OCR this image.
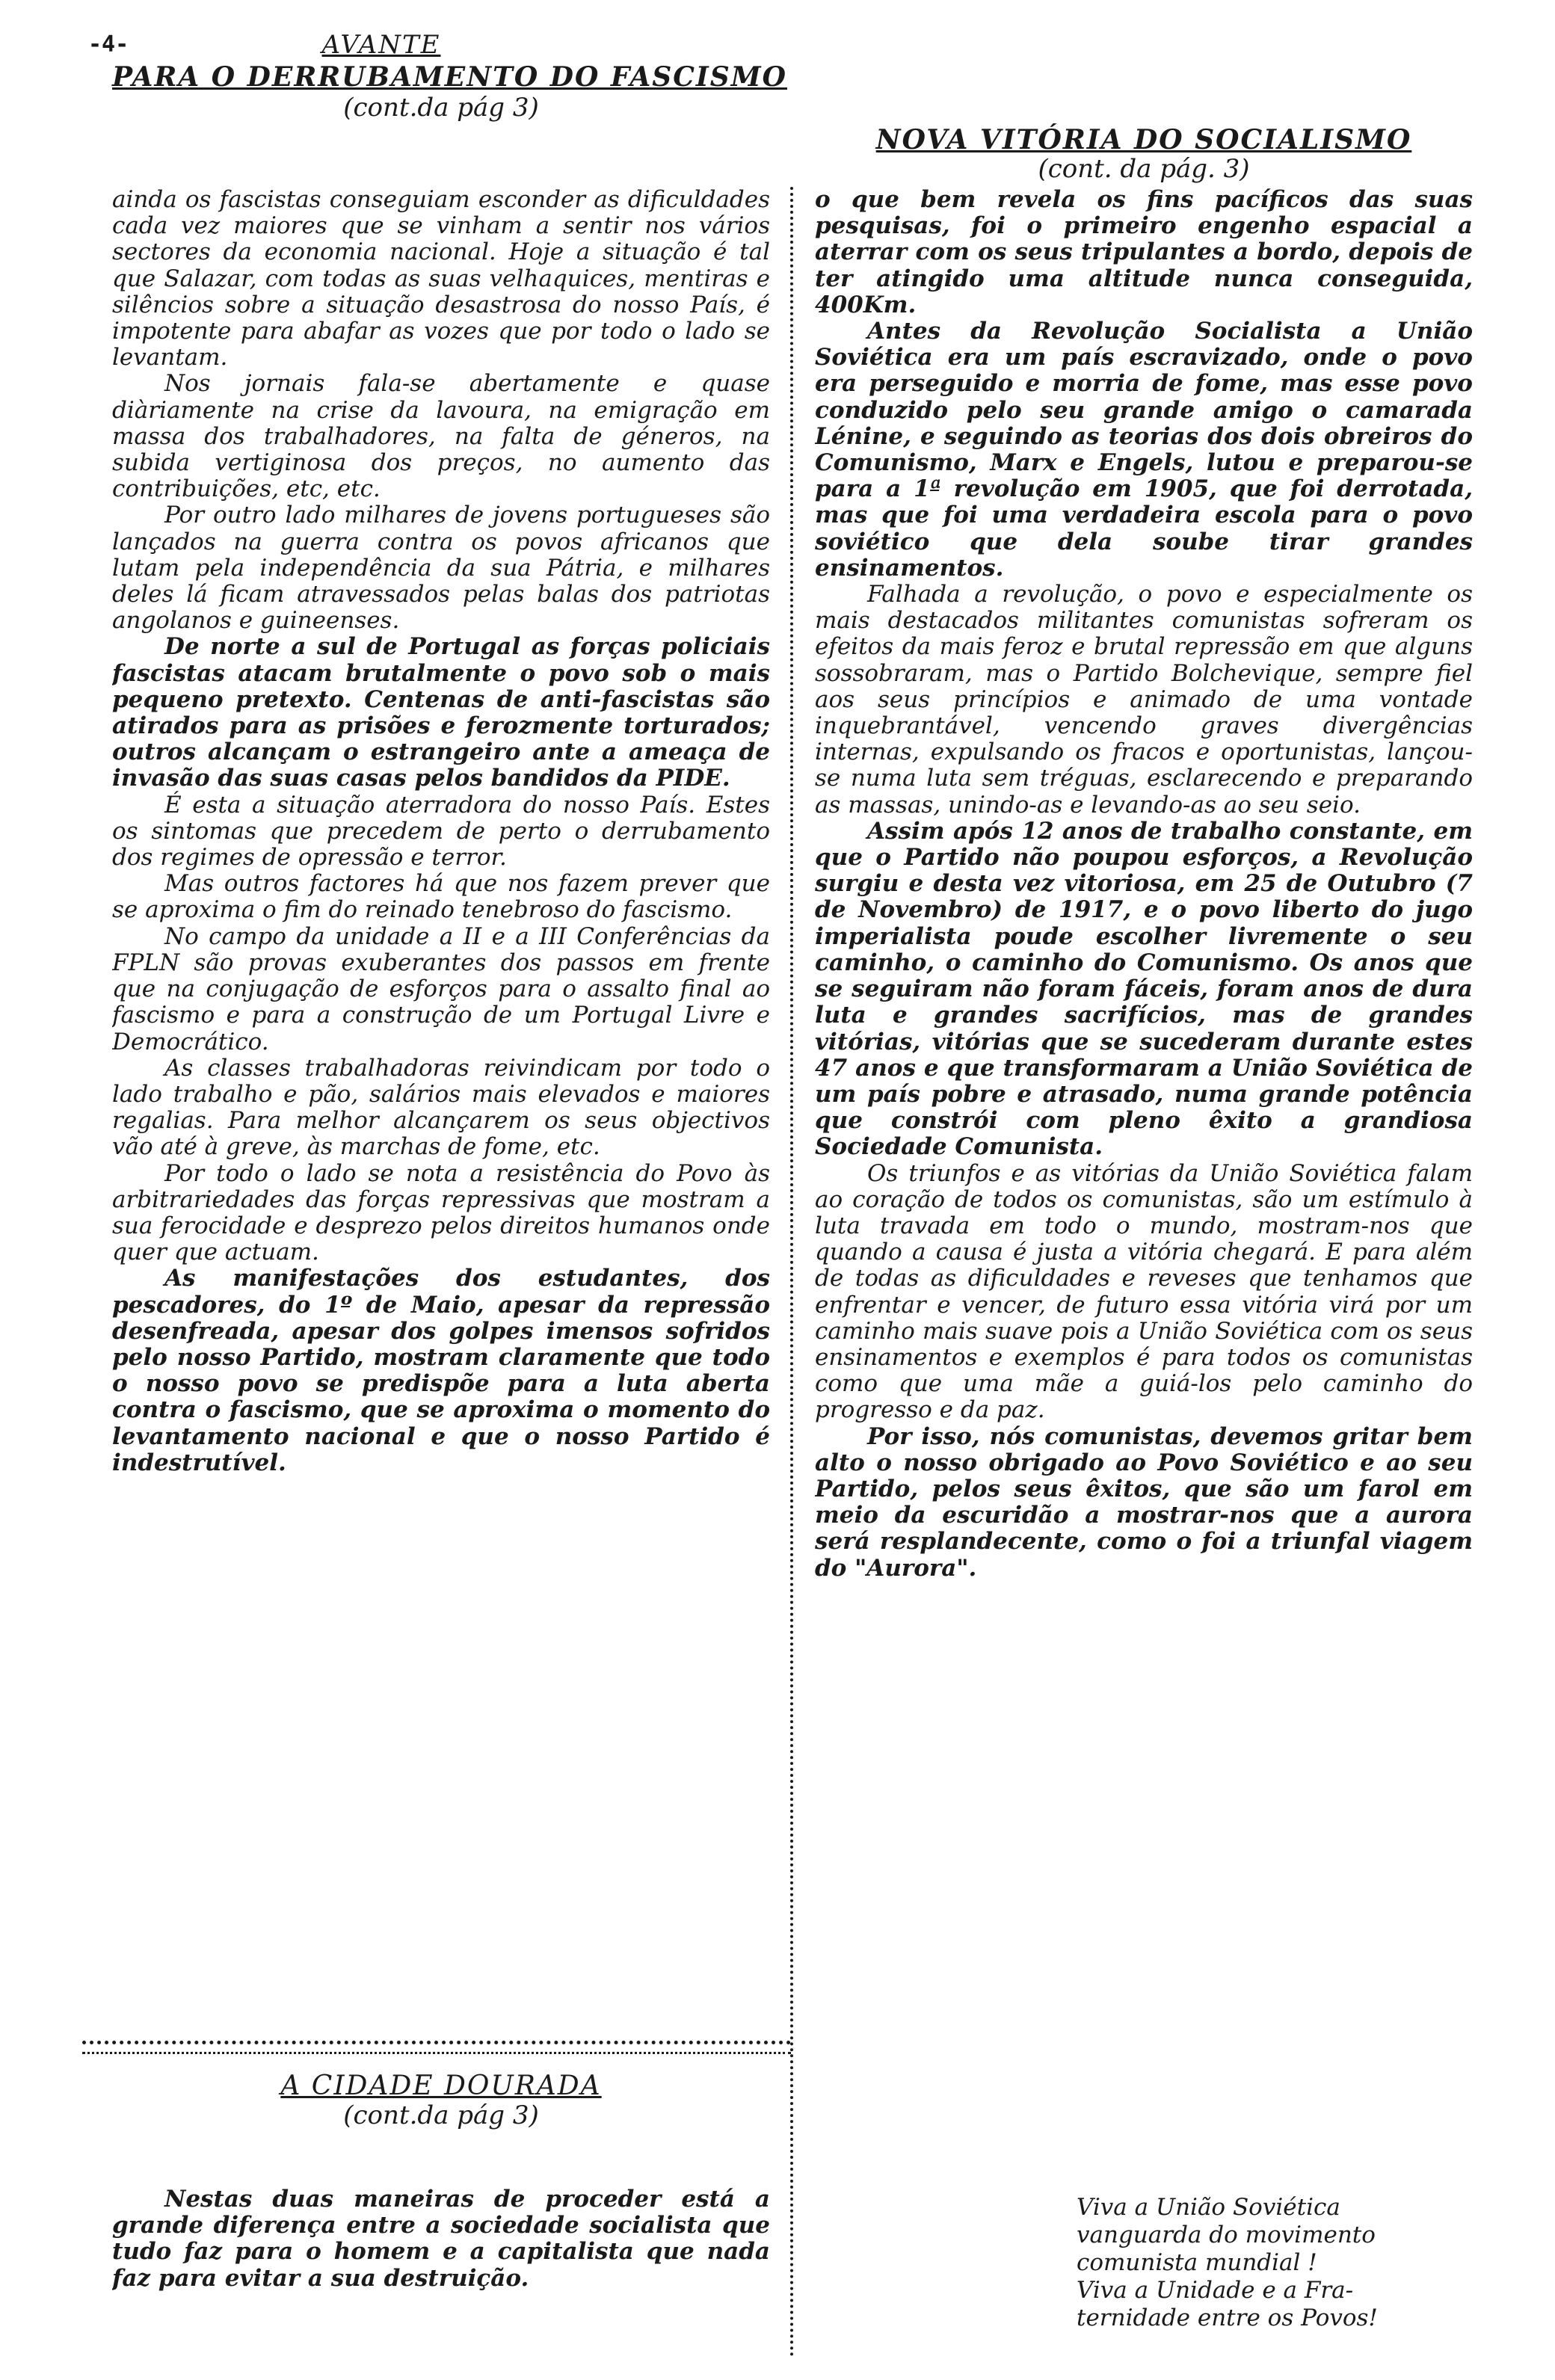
-4-	AVANTE
PARA O DERRUBAMENTO DO FASCISMO
(cont.da pág 3)

ainda os fascistas conseguiam esconder as dificuldades cada vez maiores que se vinham a sentir nos vários sectores da economia nacional. Hoje a situação é tal que Salazar, com todas as suas velhaquices, mentiras e silêncios sobre a situação desastrosa do nosso País, é impotente para abafar as vozes que por todo o lado se levantam.

Nos jornais fala-se abertamente e quase diàriamente na crise da lavoura, na emigração em massa dos trabalhadores, na falta de géneros, na subida vertiginosa dos preços, no aumento das contribuições, etc, etc.

Por outro lado milhares de jovens portugueses são lançados na guerra contra os povos africanos que lutam pela independência da sua Pátria, e milhares deles lá ficam atravessados pelas balas dos patriotas angolanos e guineenses.

De norte a sul de Portugal as forças policiais fascistas atacam brutalmente o povo sob o mais pequeno pretexto. Centenas de anti-fascistas são atirados para as prisões e ferozmente torturados; outros alcançam o estrangeiro ante a ameaça de invasão das suas casas pelos bandidos da PIDE.

É esta a situação aterradora do nosso País. Estes os sintomas que precedem de perto o derrubamento dos regimes de opressão e terror.

Mas outros factores há que nos fazem prever que se aproxima o fim do reinado tenebroso do fascismo.

No campo da unidade a II e a III Conferências da FPLN são provas exuberantes dos passos em frente que na conjugação de esforços para o assalto final ao fascismo e para a construção de um Portugal Livre e Democrático.

As classes trabalhadoras reivindicam por todo o lado trabalho e pão, salários mais elevados e maiores regalias. Para melhor alcançarem os seus objectivos vão até à greve, às marchas de fome, etc.

Por todo o lado se nota a resistência do Povo às arbitrariedades das forças repressivas que mostram a sua ferocidade e desprezo pelos direitos humanos onde quer que actuam.

As manifestações dos estudantes, dos pescadores, do 1º de Maio, apesar da repressão desenfreada, apesar dos golpes imensos sofridos pelo nosso Partido, mostram claramente que todo o nosso povo se predispõe para a luta aberta contra o fascismo, que se aproxima o momento do levantamento nacional e que o nosso Partido é indestrutível.

NOVA VITÓRIA DO SOCIALISMO
(cont. da pág. 3)

o que bem revela os fins pacíficos das suas pesquisas, foi o primeiro engenho espacial a aterrar com os seus tripulantes a bordo, depois de ter atingido uma altitude nunca conseguida, 400Km.

Antes da Revolução Socialista a União Soviética era um país escravizado, onde o povo era perseguido e morria de fome, mas esse povo conduzido pelo seu grande amigo o camarada Lénine, e seguindo as teorias dos dois obreiros do Comunismo, Marx e Engels, lutou e preparou-se para a 1ª revolução em 1905, que foi derrotada, mas que foi uma verdadeira escola para o povo soviético que dela soube tirar grandes ensinamentos.

Falhada a revolução, o povo e especialmente os mais destacados militantes comunistas sofreram os efeitos da mais feroz e brutal repressão em que alguns sossobraram, mas o Partido Bolchevique, sempre fiel aos seus princípios e animado de uma vontade inquebrantável, vencendo graves divergências internas, expulsando os fracos e oportunistas, lançou-se numa luta sem tréguas, esclarecendo e preparando as massas, unindo-as e levando-as ao seu seio.

Assim após 12 anos de trabalho constante, em que o Partido não poupou esforços, a Revolução surgiu e desta vez vitoriosa, em 25 de Outubro (7 de Novembro) de 1917, e o povo liberto do jugo imperialista poude escolher livremente o seu caminho, o caminho do Comunismo. Os anos que se seguiram não foram fáceis, foram anos de dura luta e grandes sacrifícios, mas de grandes vitórias, vitórias que se sucederam durante estes 47 anos e que transformaram a União Soviética de um país pobre e atrasado, numa grande potência que constrói com pleno êxito a grandiosa Sociedade Comunista.

Os triunfos e as vitórias da União Soviética falam ao coração de todos os comunistas, são um estímulo à luta travada em todo o mundo, mostram-nos que quando a causa é justa a vitória chegará. E para além de todas as dificuldades e reveses que tenhamos que enfrentar e vencer, de futuro essa vitória virá por um caminho mais suave pois a União Soviética com os seus ensinamentos e exemplos é para todos os comunistas como que uma mãe a guiá-los pelo caminho do progresso e da paz.

Por isso, nós comunistas, devemos gritar bem alto o nosso obrigado ao Povo Soviético e ao seu Partido, pelos seus êxitos, que são um farol em meio da escuridão a mostrar-nos que a aurora será resplandecente, como o foi a triunfal viagem do "Aurora".

Viva a União Soviética
vanguarda do movimento
comunista mundial !
Viva a Unidade e a Fra-
ternidade entre os Povos!
A CIDADE DOURADA
(cont.da pág 3)

Nestas duas maneiras de proceder está a grande diferença entre a sociedade socialista que tudo faz para o homem e a capitalista que nada faz para evitar a sua destruição.
